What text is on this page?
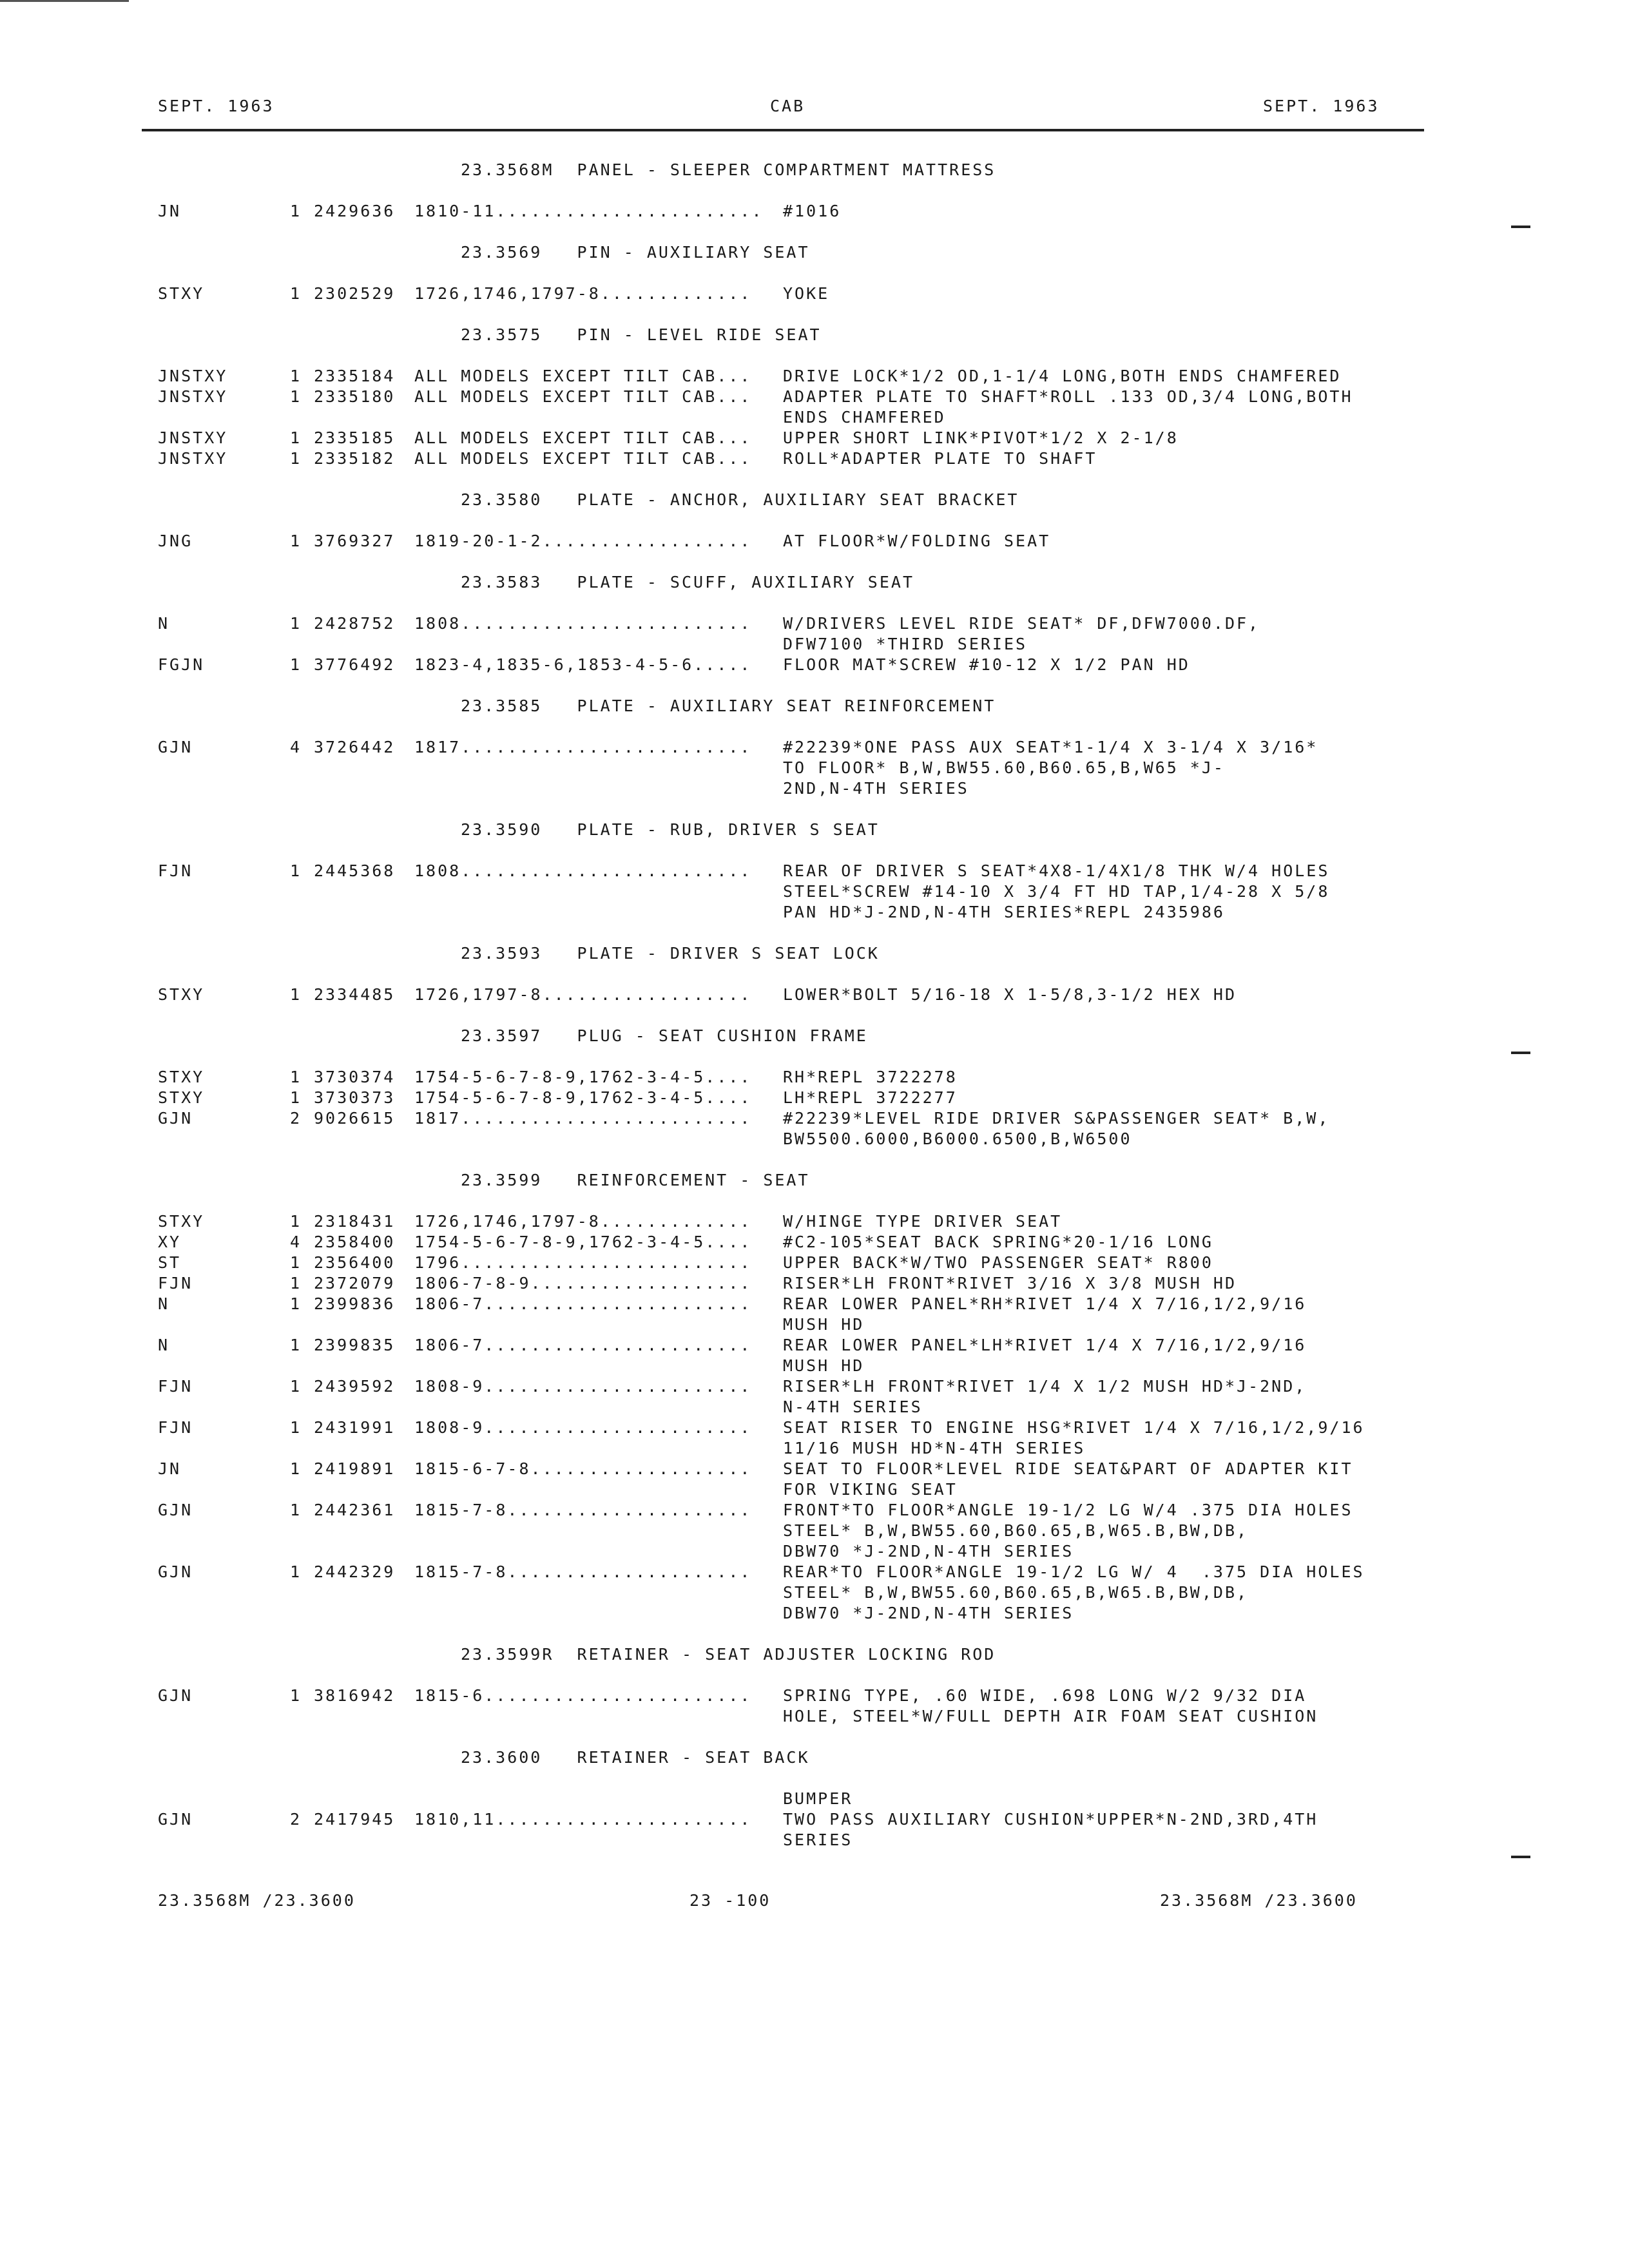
SEPT. 1963	CAB	SEPT. 1963
23.3568M  PANEL - SLEEPER COMPARTMENT MATTRESS
JN	1 2429636 1810-11....................... #1016
23.3569   PIN - AUXILIARY SEAT
STXY	1 2302529 1726,1746,1797-8............. YOKE
23.3575   PIN - LEVEL RIDE SEAT
JNSTXY	1 2335184 ALL MODELS EXCEPT TILT CAB... DRIVE LOCK*1/2 OD,1-1/4 LONG,BOTH ENDS CHAMFERED
JNSTXY	1 2335180 ALL MODELS EXCEPT TILT CAB... ADAPTER PLATE TO SHAFT*ROLL .133 OD,3/4 LONG,BOTH
ENDS CHAMFERED
JNSTXY	1 2335185 ALL MODELS EXCEPT TILT CAB... UPPER SHORT LINK*PIVOT*1/2 X 2-1/8
JNSTXY	1 2335182 ALL MODELS EXCEPT TILT CAB... ROLL*ADAPTER PLATE TO SHAFT
23.3580   PLATE - ANCHOR, AUXILIARY SEAT BRACKET
JNG	1 3769327 1819-20-1-2.................. AT FLOOR*W/FOLDING SEAT
23.3583   PLATE - SCUFF, AUXILIARY SEAT
N	1 2428752 1808......................... W/DRIVERS LEVEL RIDE SEAT* DF,DFW7000.DF,
DFW7100 *THIRD SERIES
FGJN	1 3776492 1823-4,1835-6,1853-4-5-6..... FLOOR MAT*SCREW #10-12 X 1/2 PAN HD
23.3585   PLATE - AUXILIARY SEAT REINFORCEMENT
GJN	4 3726442 1817......................... #22239*ONE PASS AUX SEAT*1-1/4 X 3-1/4 X 3/16*
TO FLOOR* B,W,BW55.60,B60.65,B,W65 *J-
2ND,N-4TH SERIES
23.3590   PLATE - RUB, DRIVER S SEAT
FJN	1 2445368 1808......................... REAR OF DRIVER S SEAT*4X8-1/4X1/8 THK W/4 HOLES
STEEL*SCREW #14-10 X 3/4 FT HD TAP,1/4-28 X 5/8
PAN HD*J-2ND,N-4TH SERIES*REPL 2435986
23.3593   PLATE - DRIVER S SEAT LOCK
STXY	1 2334485 1726,1797-8.................. LOWER*BOLT 5/16-18 X 1-5/8,3-1/2 HEX HD
23.3597   PLUG - SEAT CUSHION FRAME
STXY	1 3730374 1754-5-6-7-8-9,1762-3-4-5.... RH*REPL 3722278
STXY	1 3730373 1754-5-6-7-8-9,1762-3-4-5.... LH*REPL 3722277
GJN	2 9026615 1817......................... #22239*LEVEL RIDE DRIVER S&PASSENGER SEAT* B,W,
BW5500.6000,B6000.6500,B,W6500
23.3599   REINFORCEMENT - SEAT
STXY	1 2318431 1726,1746,1797-8............. W/HINGE TYPE DRIVER SEAT
XY	4 2358400 1754-5-6-7-8-9,1762-3-4-5.... #C2-105*SEAT BACK SPRING*20-1/16 LONG
ST	1 2356400 1796......................... UPPER BACK*W/TWO PASSENGER SEAT* R800
FJN	1 2372079 1806-7-8-9................... RISER*LH FRONT*RIVET 3/16 X 3/8 MUSH HD
N	1 2399836 1806-7....................... REAR LOWER PANEL*RH*RIVET 1/4 X 7/16,1/2,9/16
MUSH HD
N	1 2399835 1806-7....................... REAR LOWER PANEL*LH*RIVET 1/4 X 7/16,1/2,9/16
MUSH HD
FJN	1 2439592 1808-9....................... RISER*LH FRONT*RIVET 1/4 X 1/2 MUSH HD*J-2ND,
N-4TH SERIES
FJN	1 2431991 1808-9....................... SEAT RISER TO ENGINE HSG*RIVET 1/4 X 7/16,1/2,9/16
11/16 MUSH HD*N-4TH SERIES
JN	1 2419891 1815-6-7-8................... SEAT TO FLOOR*LEVEL RIDE SEAT&PART OF ADAPTER KIT
FOR VIKING SEAT
GJN	1 2442361 1815-7-8..................... FRONT*TO FLOOR*ANGLE 19-1/2 LG W/4 .375 DIA HOLES
STEEL* B,W,BW55.60,B60.65,B,W65.B,BW,DB,
DBW70 *J-2ND,N-4TH SERIES
GJN	1 2442329 1815-7-8..................... REAR*TO FLOOR*ANGLE 19-1/2 LG W/ 4  .375 DIA HOLES
STEEL* B,W,BW55.60,B60.65,B,W65.B,BW,DB,
DBW70 *J-2ND,N-4TH SERIES
23.3599R  RETAINER - SEAT ADJUSTER LOCKING ROD
GJN	1 3816942 1815-6....................... SPRING TYPE, .60 WIDE, .698 LONG W/2 9/32 DIA
HOLE, STEEL*W/FULL DEPTH AIR FOAM SEAT CUSHION
23.3600   RETAINER - SEAT BACK
BUMPER
GJN	2 2417945 1810,11...................... TWO PASS AUXILIARY CUSHION*UPPER*N-2ND,3RD,4TH
SERIES
23.3568M /23.3600	23 -100	23.3568M /23.3600
